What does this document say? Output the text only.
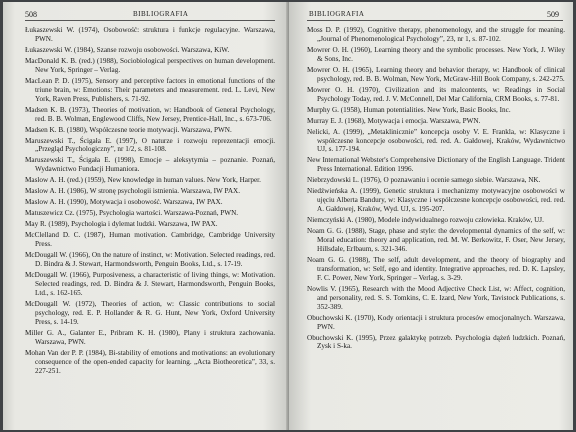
508	BIBLIOGRAFIA
Łukaszewski W. (1974), Osobowość: struktura i funkcje regulacyjne. Warszawa, PWN.
Łukaszewski W. (1984), Szanse rozwoju osobowości. Warszawa, KiW.
MacDonald K. B. (red.) (1988), Sociobiological perspectives on human development. New York, Springer – Verlag.
MacLean P. D. (1975), Sensory and perceptive factors in emotional functions of the triune brain, w: Emotions: Their parameters and measurement. red. L. Levi, New York, Raven Press, Publishers, s. 71-92.
Madsen K. B. (1973), Theories of motivation, w: Handbook of General Psychology, red. B. B. Wolman, Englewood Cliffs, New Jersey, Prentice-Hall, Inc., s. 673-706.
Madsen K. B. (1980), Współczesne teorie motywacji. Warszawa, PWN.
Maruszewski T., Ścigała E. (1997), O naturze i rozwoju reprezentacji emocji. „Przegląd Psychologiczny”, nr 1/2, s. 81-108.
Maruszewski T., Ścigała E. (1998), Emocje – aleksytymia – poznanie. Poznań, Wydawnictwo Fundacji Humaniora.
Maslow A. H. (red.) (1959), New knowledge in human values. New York, Harper.
Maslow A. H. (1986), W stronę psychologii istnienia. Warszawa, IW PAX.
Maslow A. H. (1990), Motywacja i osobowość. Warszawa, IW PAX.
Matuszewicz Cz. (1975), Psychologia wartości. Warszawa-Poznań, PWN.
May R. (1989), Psychologia i dylemat ludzki. Warszawa, IW PAX.
McClelland D. C. (1987), Human motivation. Cambridge, Cambridge University Press.
McDougall W. (1966), On the nature of instinct, w: Motivation. Selected readings, red. D. Bindra & J. Stewart, Harmondsworth, Penguin Books, Ltd., s. 17-19.
McDougall W. (1966), Purposiveness, a characteristic of living things, w: Motivation. Selected readings, red. D. Bindra & J. Stewart, Harmondsworth, Penguin Books, Ltd., s. 162-165.
McDougall W. (1972), Theories of action, w: Classic contributions to social psychology, red. E. P. Hollander & R. G. Hunt, New York, Oxford University Press, s. 14-19.
Miller G. A., Galanter E., Pribram K. H. (1980), Plany i struktura zachowania. Warszawa, PWN.
Mohan Van der P. P. (1984), Bi-stability of emotions and motivations: an evolutionary consequence of the open-ended capacity for learning. „Acta Biotheoretica”, 33, s. 227-251.
BIBLIOGRAFIA	509
Moss D. P. (1992), Cognitive therapy, phenomenology, and the struggle for meaning. „Journal of Phenomenological Psychology”, 23, nr 1, s. 87-102.
Mowrer O. H. (1960), Learning theory and the symbolic processes. New York, J. Wiley & Sons, Inc.
Mowrer O. H. (1965), Learning theory and behavior therapy, w: Handbook of clinical psychology, red. B. B. Wolman, New York, McGraw-Hill Book Company, s. 242-275.
Mowrer O. H. (1970), Civilization and its malcontents, w: Readings in Social Psychology Today, red. J. V. McConnell, Del Mar California, CRM Books, s. 77-81.
Murphy G. (1958), Human potentialities. New York, Basic Books, Inc.
Murray E. J. (1968), Motywacja i emocja. Warszawa, PWN.
Nelicki, A. (1999), „Metaklinicznie” koncepcja osoby V. E. Frankla, w: Klasyczne i współczesne koncepcje osobowości, red. red. A. Gałdowej, Kraków, Wydawnictwo UJ, s. 177-194.
New International Webster's Comprehensive Dictionary of the English Language. Trident Press International. Edition 1996.
Niebrzydowski L. (1976), O poznawaniu i ocenie samego siebie. Warszawa, NK.
Niedźwieńska A. (1999), Genetic struktura i mechanizmy motywacyjne osobowości w ujęciu Alberta Bandury, w: Klasyczne i współczesne koncepcje osobowości, red. red. A. Gałdowej, Kraków, Wyd. UJ, s. 195-207.
Niemczyński A. (1980), Modele indywidualnego rozwoju człowieka. Kraków, UJ.
Noam G. G. (1988), Stage, phase and style: the developmental dynamics of the self, w: Moral education: theory and application, red. M. W. Berkowitz, F. Oser, New Jersey, Hillsdale, Erlbaum, s. 321-346.
Noam G. G. (1988), The self, adult development, and the theory of biography and transformation, w: Self, ego and identity. Integrative approaches, red. D. K. Lapsley, F. C. Power, New York, Springer – Verlag, s. 3-29.
Nowlis V. (1965), Research with the Mood Adjective Check List, w: Affect, cognition, and personality, red. S. S. Tomkins, C. E. Izard, New York, Tavistock Publications, s. 352-389.
Obuchowski K. (1970), Kody orientacji i struktura procesów emocjonalnych. Warszawa, PWN.
Obuchowski K. (1995), Przez galaktykę potrzeb. Psychologia dążeń ludzkich. Poznań, Zysk i S-ka.
